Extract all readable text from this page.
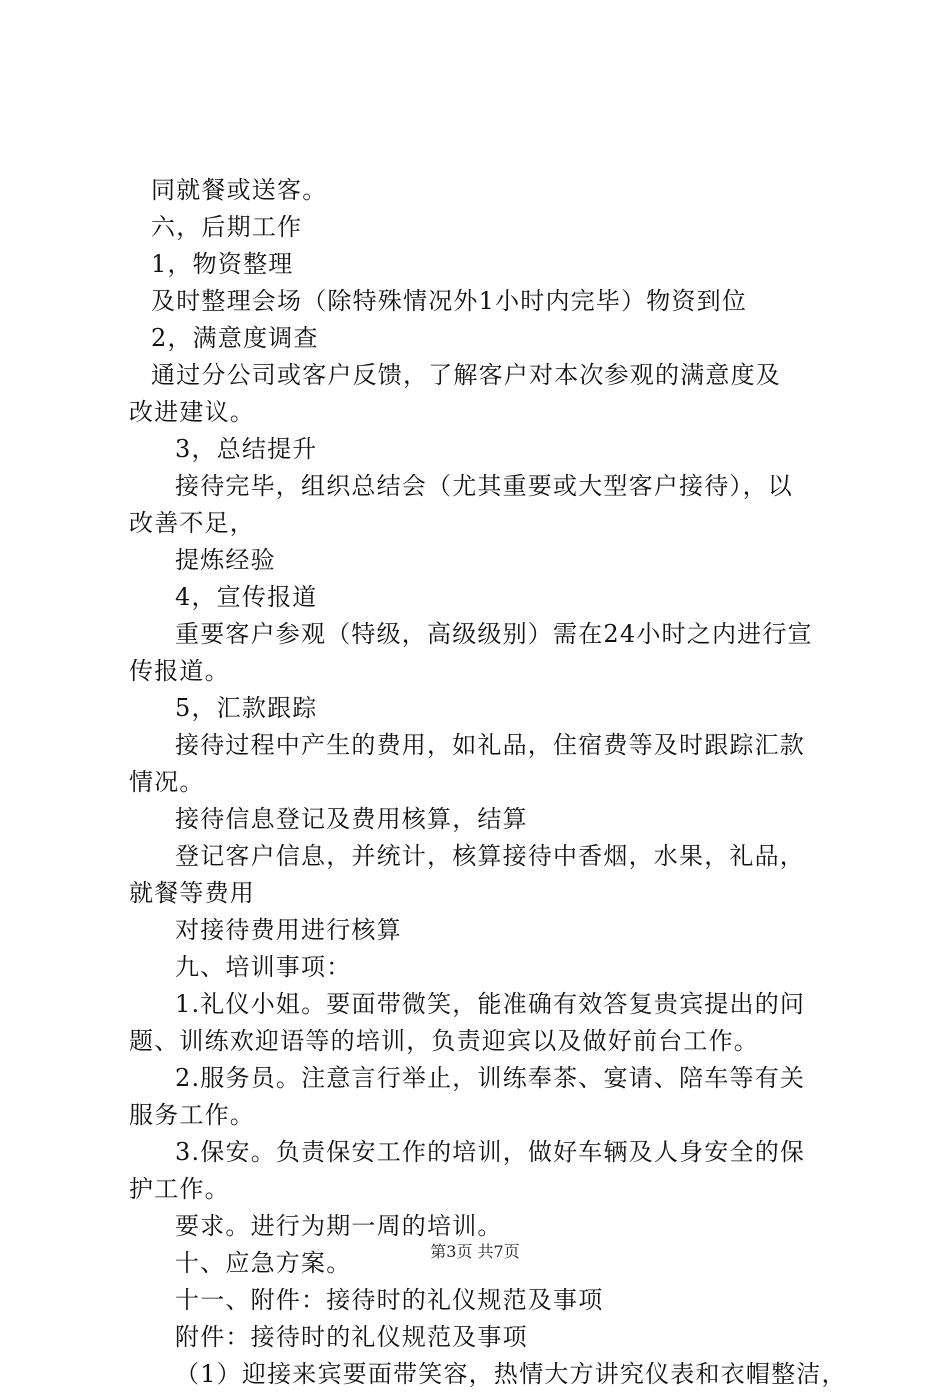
同就餐或送客。
六，后期工作
1，物资整理
及时整理会场（除特殊情况外1小时内完毕）物资到位
2，满意度调查
通过分公司或客户反馈，了解客户对本次参观的满意度及
改进建议。
3，总结提升
接待完毕，组织总结会（尤其重要或大型客户接待），以
改善不足，
提炼经验
4，宣传报道
重要客户参观（特级，高级级别）需在24小时之内进行宣
传报道。
5，汇款跟踪
接待过程中产生的费用，如礼品，住宿费等及时跟踪汇款
情况。
接待信息登记及费用核算，结算
登记客户信息，并统计，核算接待中香烟，水果，礼品，
就餐等费用
对接待费用进行核算
九、培训事项：
1.礼仪小姐。要面带微笑，能准确有效答复贵宾提出的问
题、训练欢迎语等的培训，负责迎宾以及做好前台工作。
2.服务员。注意言行举止，训练奉茶、宴请、陪车等有关
服务工作。
3.保安。负责保安工作的培训，做好车辆及人身安全的保
护工作。
要求。进行为期一周的培训。
十、应急方案。
十一、附件：接待时的礼仪规范及事项
附件：接待时的礼仪规范及事项
（1）迎接来宾要面带笑容，热情大方讲究仪表和衣帽整洁，
第3页 共7页
